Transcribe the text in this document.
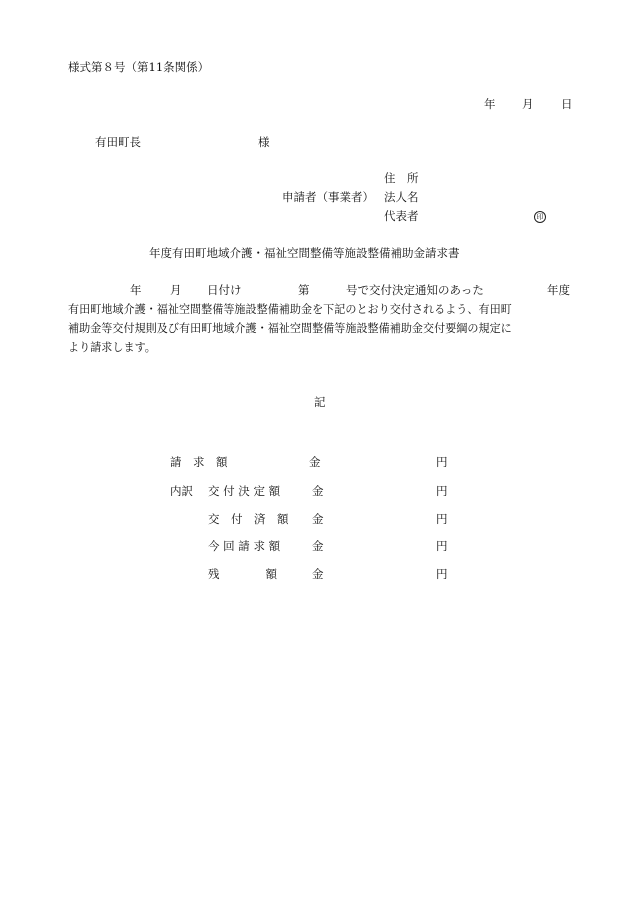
様式第８号（第11条関係）
年 月 日
有田町長	様
住　所
申請者（事業者） 法人名
代表者	印
年度有田町地域介護・福祉空間整備等施設整備補助金請求書
年 月 日付け	第	号で交付決定通知のあった	年度
有田町地域介護・福祉空間整備等施設整備補助金を下記のとおり交付されるよう、有田町
補助金等交付規則及び有田町地域介護・福祉空間整備等施設整備補助金交付要綱の規定に
より請求します。
記
請　求　額	金	円
内訳 交 付 決 定 額	金	円
交　付　済　額 金	円
今 回 請 求 額	金	円
残　　　　額	金	円
